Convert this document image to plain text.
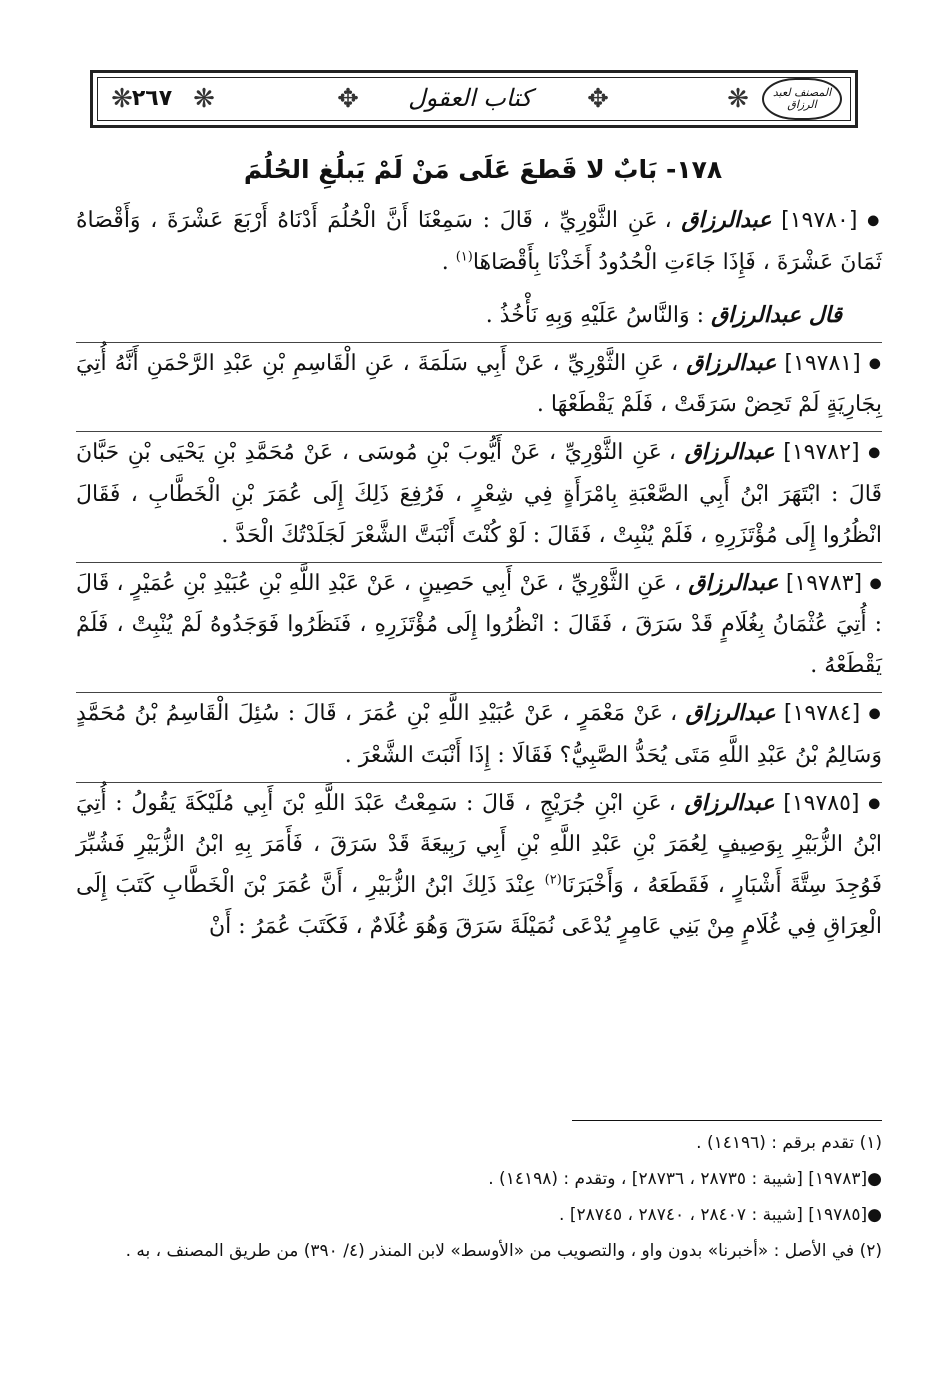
❋ ❋	✥	✥	❋
٢٦٧	كتاب العقول	المصنف لعبد الرزاق
١٧٨- بَابٌ لا قَطعَ عَلَى مَنْ لَمْ يَبلُغِ الحُلُمَ

● [١٩٧٨٠] عبدالرزاق ، عَنِ الثَّوْرِيِّ ، قَالَ : سَمِعْنَا أَنَّ الْحُلُمَ أَدْنَاهُ أَرْبَعَ عَشْرَةَ ، وَأَقْصَاهُ ثَمَانَ عَشْرَةَ ، فَإِذَا جَاءَتِ الْحُدُودُ أَخَذْنَا بِأَقْصَاهَا$^{(١)}$ .

قال عبدالرزاق : وَالنَّاسُ عَلَيْهِ وَبِهِ نَأْخُذُ .

● [١٩٧٨١] عبدالرزاق ، عَنِ الثَّوْرِيِّ ، عَنْ أَبِي سَلَمَةَ ، عَنِ الْقَاسِمِ بْنِ عَبْدِ الرَّحْمَنِ أَنَّهُ أُتِيَ بِجَارِيَةٍ لَمْ تَحِضْ سَرَقَتْ ، فَلَمْ يَقْطَعْهَا .

● [١٩٧٨٢] عبدالرزاق ، عَنِ الثَّوْرِيِّ ، عَنْ أَيُّوبَ بْنِ مُوسَى ، عَنْ مُحَمَّدِ بْنِ يَحْيَى بْنِ حَبَّانَ قَالَ : ابْتَهَرَ ابْنُ أَبِي الصَّعْبَةِ بِامْرَأَةٍ فِي شِعْرٍ ، فَرُفِعَ ذَلِكَ إِلَى عُمَرَ بْنِ الْخَطَّابِ ، فَقَالَ انْظُرُوا إِلَى مُؤْتَزَرِهِ ، فَلَمْ يُنْبِتْ ، فَقَالَ : لَوْ كُنْتَ أَنْبَتَّ الشَّعْرَ لَجَلَدْتُكَ الْحَدَّ .

● [١٩٧٨٣] عبدالرزاق ، عَنِ الثَّوْرِيِّ ، عَنْ أَبِي حَصِينٍ ، عَنْ عَبْدِ اللَّهِ بْنِ عُبَيْدِ بْنِ عُمَيْرٍ ، قَالَ : أُتِيَ عُثْمَانُ بِغُلَامٍ قَدْ سَرَقَ ، فَقَالَ : انْظُرُوا إِلَى مُؤْتَزَرِهِ ، فَنَظَرُوا فَوَجَدُوهُ لَمْ يُنْبِتْ ، فَلَمْ يَقْطَعْهُ .

● [١٩٧٨٤] عبدالرزاق ، عَنْ مَعْمَرٍ ، عَنْ عُبَيْدِ اللَّهِ بْنِ عُمَرَ ، قَالَ : سُئِلَ الْقَاسِمُ بْنُ مُحَمَّدٍ وَسَالِمُ بْنُ عَبْدِ اللَّهِ مَتَى يُحَدُّ الصَّبِيُّ؟ فَقَالَا : إِذَا أَنْبَتَ الشَّعْرَ .

● [١٩٧٨٥] عبدالرزاق ، عَنِ ابْنِ جُرَيْجٍ ، قَالَ : سَمِعْتُ عَبْدَ اللَّهِ بْنَ أَبِي مُلَيْكَةَ يَقُولُ : أُتِيَ ابْنُ الزُّبَيْرِ بِوَصِيفٍ لِعُمَرَ بْنِ عَبْدِ اللَّهِ بْنِ أَبِي رَبِيعَةَ قَدْ سَرَقَ ، فَأَمَرَ بِهِ ابْنُ الزُّبَيْرِ فَشُبِّرَ فَوُجِدَ سِتَّةَ أَشْبَارٍ ، فَقَطَعَهُ ، وَأَخْبَرَنَا$^{(٢)}$ عِنْدَ ذَلِكَ ابْنُ الزُّبَيْرِ ، أَنَّ عُمَرَ بْنَ الْخَطَّابِ كَتَبَ إِلَى الْعِرَاقِ فِي غُلَامٍ مِنْ بَنِي عَامِرٍ يُدْعَى نُمَيْلَةَ سَرَقَ وَهُوَ غُلَامٌ ، فَكَتَبَ عُمَرُ : أَنْ

(١) تقدم برقم : (١٤١٩٦) .

●[١٩٧٨٣] [شيبة : ٢٨٧٣٥ ، ٢٨٧٣٦] ، وتقدم : (١٤١٩٨) .

●[١٩٧٨٥] [شيبة : ٢٨٤٠٧ ، ٢٨٧٤٠ ، ٢٨٧٤٥] .

(٢) في الأصل : «أخبرنا» بدون واو ، والتصويب من «الأوسط» لابن المنذر (٤/ ٣٩٠) من طريق المصنف ، به .
